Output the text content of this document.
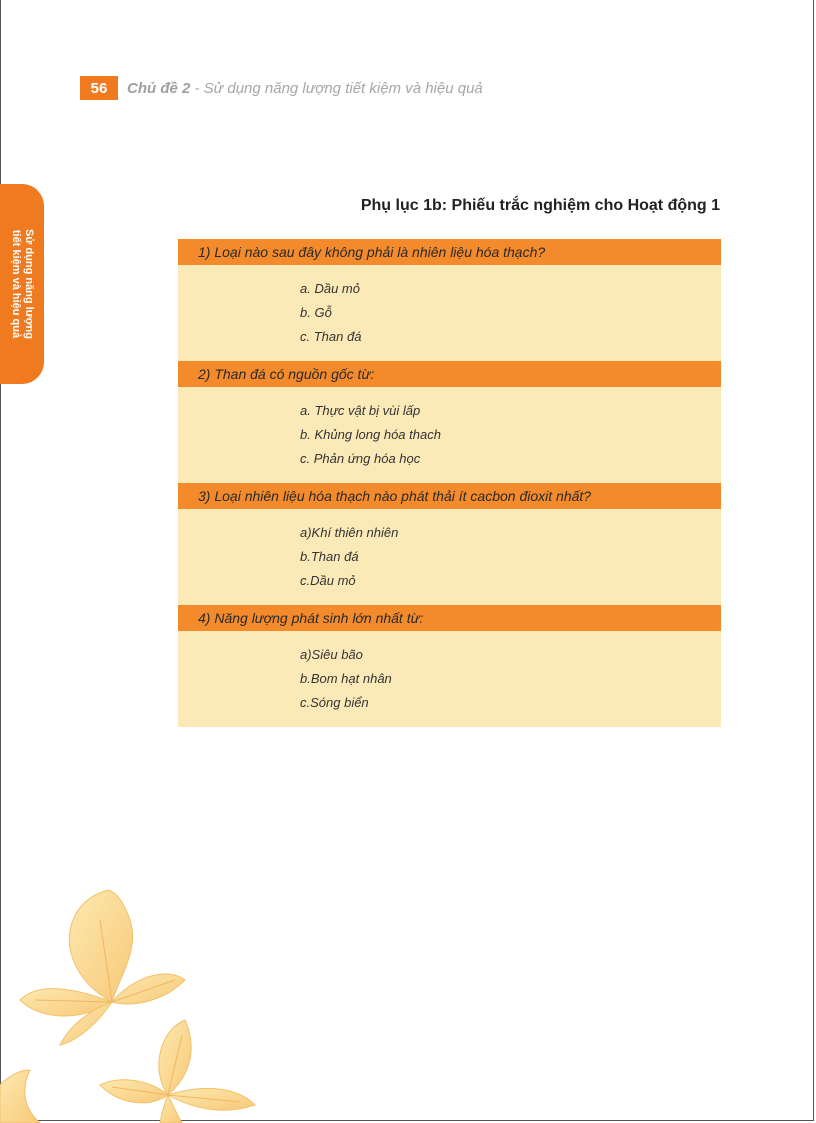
56	Chủ đề 2 - Sử dụng năng lượng tiết kiệm và hiệu quả
Sử dụng năng lượng
tiết kiệm và hiệu quả
Phụ lục 1b: Phiếu trắc nghiệm cho Hoạt động 1
1) Loại nào sau đây không phải là nhiên liệu hóa thạch?
a. Dầu mỏ
b. Gỗ
c. Than đá
2) Than đá có nguồn gốc từ:
a. Thực vật bị vùi lấp
b. Khủng long hóa thach
c. Phản ứng hóa học
3) Loại nhiên liệu hóa thạch nào phát thải ít cacbon đioxit nhất?
a)Khí thiên nhiên
b.Than đá
c.Dầu mỏ
4) Năng lượng phát sinh lớn nhất từ:
a)Siêu bão
b.Bom hạt nhân
c.Sóng biển
